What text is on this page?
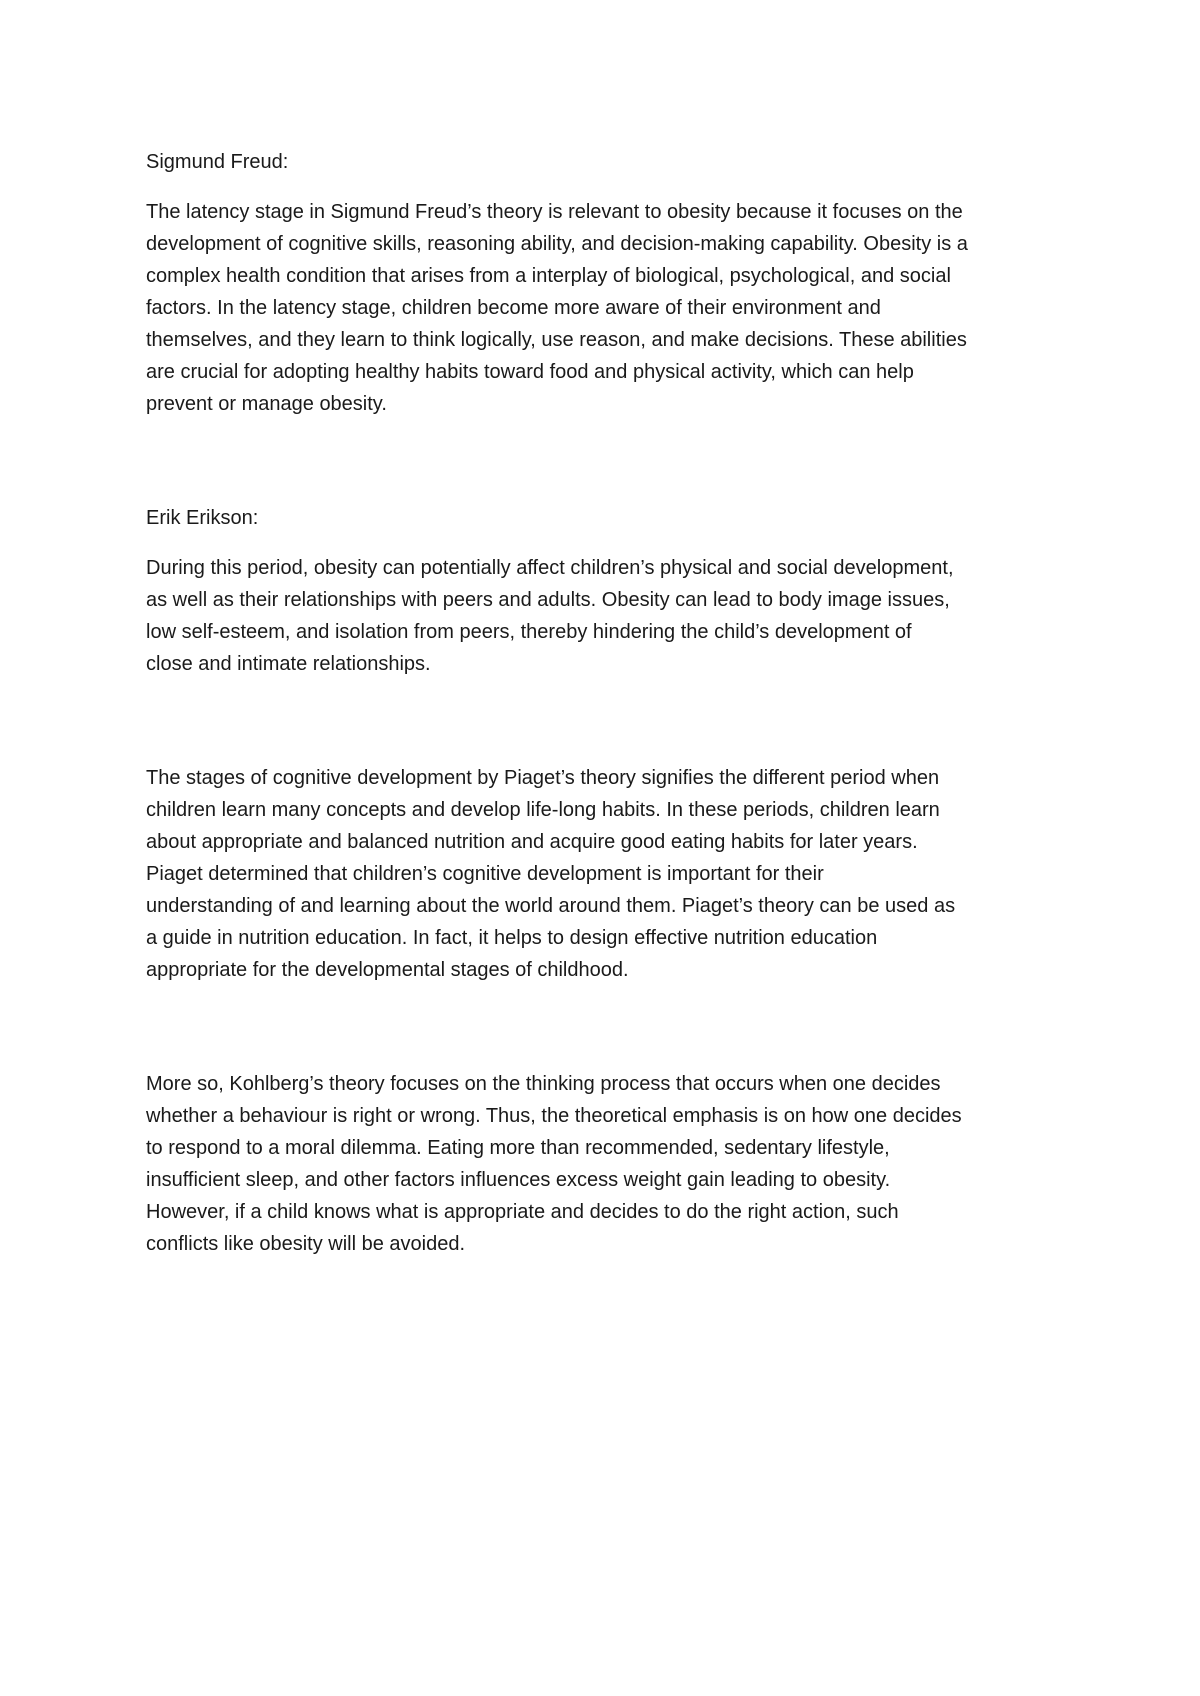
Sigmund Freud:

The latency stage in Sigmund Freud’s theory is relevant to obesity because it focuses on the
development of cognitive skills, reasoning ability, and decision-making capability. Obesity is a
complex health condition that arises from a interplay of biological, psychological, and social
factors. In the latency stage, children become more aware of their environment and
themselves, and they learn to think logically, use reason, and make decisions. These abilities
are crucial for adopting healthy habits toward food and physical activity, which can help
prevent or manage obesity.

Erik Erikson:

During this period, obesity can potentially affect children’s physical and social development,
as well as their relationships with peers and adults. Obesity can lead to body image issues,
low self-esteem, and isolation from peers, thereby hindering the child’s development of
close and intimate relationships.

The stages of cognitive development by Piaget’s theory signifies the different period when
children learn many concepts and develop life-long habits. In these periods, children learn
about appropriate and balanced nutrition and acquire good eating habits for later years.
Piaget determined that children’s cognitive development is important for their
understanding of and learning about the world around them. Piaget’s theory can be used as
a guide in nutrition education. In fact, it helps to design effective nutrition education
appropriate for the developmental stages of childhood.

More so, Kohlberg’s theory focuses on the thinking process that occurs when one decides
whether a behaviour is right or wrong. Thus, the theoretical emphasis is on how one decides
to respond to a moral dilemma. Eating more than recommended, sedentary lifestyle,
insufficient sleep, and other factors influences excess weight gain leading to obesity.
However, if a child knows what is appropriate and decides to do the right action, such
conflicts like obesity will be avoided.
